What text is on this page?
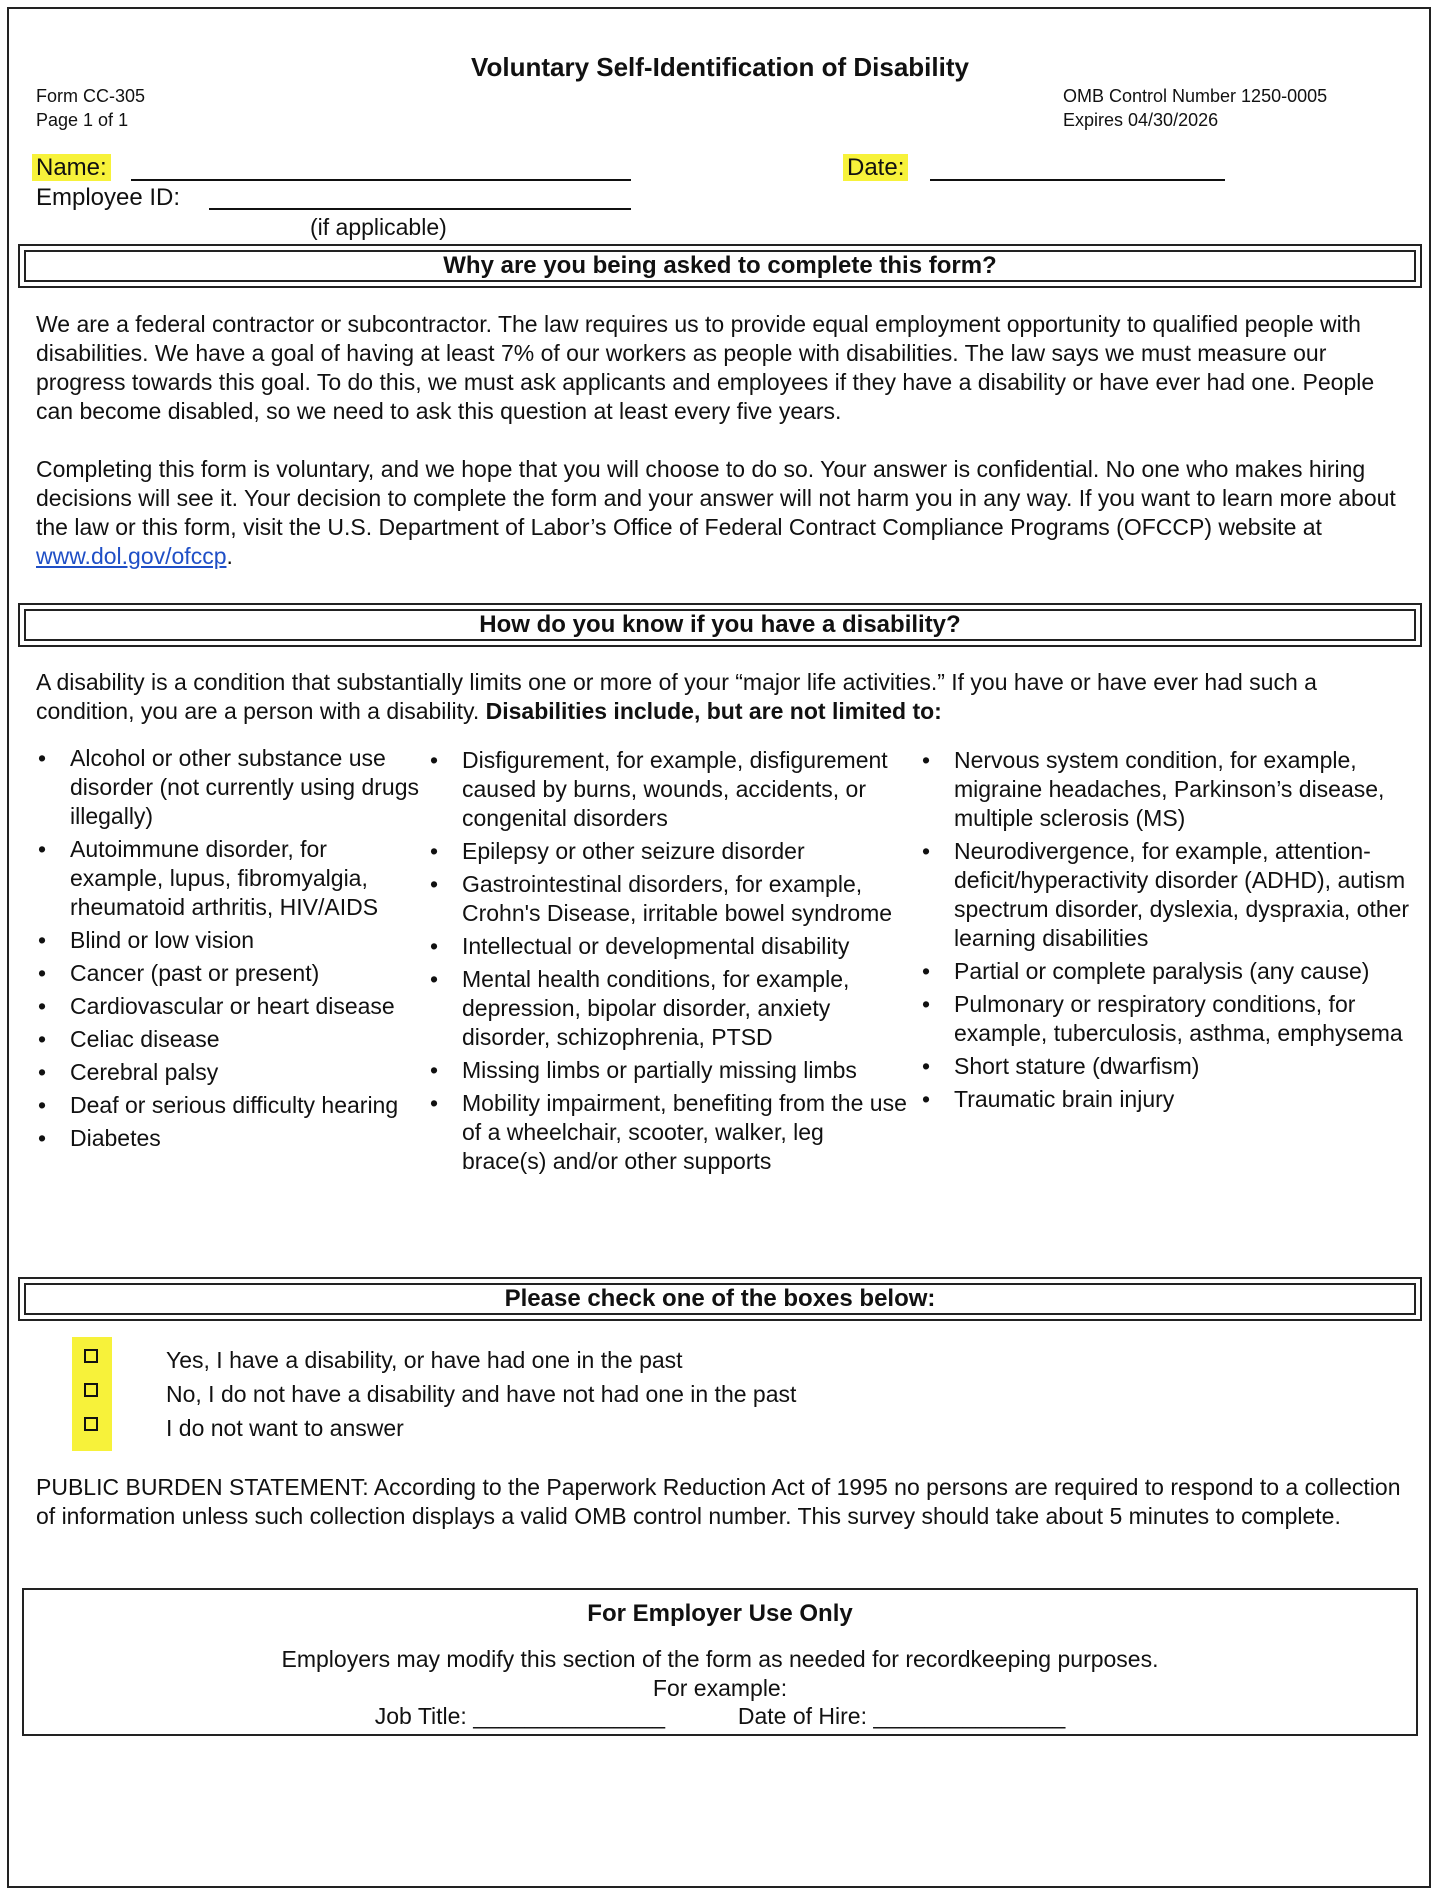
Voluntary Self-Identification of Disability
Form CC-305
Page 1 of 1
OMB Control Number 1250-0005
Expires 04/30/2026
Name:	Date:
Employee ID:
(if applicable)
Why are you being asked to complete this form?
We are a federal contractor or subcontractor. The law requires us to provide equal employment opportunity to qualified people with disabilities. We have a goal of having at least 7% of our workers as people with disabilities. The law says we must measure our progress towards this goal. To do this, we must ask applicants and employees if they have a disability or have ever had one. People can become disabled, so we need to ask this question at least every five years.
Completing this form is voluntary, and we hope that you will choose to do so. Your answer is confidential. No one who makes hiring decisions will see it. Your decision to complete the form and your answer will not harm you in any way. If you want to learn more about the law or this form, visit the U.S. Department of Labor’s Office of Federal Contract Compliance Programs (OFCCP) website at www.dol.gov/ofccp.
How do you know if you have a disability?
A disability is a condition that substantially limits one or more of your “major life activities.” If you have or have ever had such a condition, you are a person with a disability. Disabilities include, but are not limited to:
• Alcohol or other substance use disorder (not currently using drugs illegally)
• Autoimmune disorder, for example, lupus, fibromyalgia, rheumatoid arthritis, HIV/AIDS
• Blind or low vision
• Cancer (past or present)
• Cardiovascular or heart disease
• Celiac disease
• Cerebral palsy
• Deaf or serious difficulty hearing
• Diabetes
• Disfigurement, for example, disfigurement caused by burns, wounds, accidents, or congenital disorders
• Epilepsy or other seizure disorder
• Gastrointestinal disorders, for example, Crohn's Disease, irritable bowel syndrome
• Intellectual or developmental disability
• Mental health conditions, for example, depression, bipolar disorder, anxiety disorder, schizophrenia, PTSD
• Missing limbs or partially missing limbs
• Mobility impairment, benefiting from the use of a wheelchair, scooter, walker, leg brace(s) and/or other supports
• Nervous system condition, for example, migraine headaches, Parkinson’s disease, multiple sclerosis (MS)
• Neurodivergence, for example, attention-deficit/hyperactivity disorder (ADHD), autism spectrum disorder, dyslexia, dyspraxia, other learning disabilities
• Partial or complete paralysis (any cause)
• Pulmonary or respiratory conditions, for example, tuberculosis, asthma, emphysema
• Short stature (dwarfism)
• Traumatic brain injury
Please check one of the boxes below:
Yes, I have a disability, or have had one in the past
No, I do not have a disability and have not had one in the past
I do not want to answer
PUBLIC BURDEN STATEMENT: According to the Paperwork Reduction Act of 1995 no persons are required to respond to a collection of information unless such collection displays a valid OMB control number. This survey should take about 5 minutes to complete.
For Employer Use Only
Employers may modify this section of the form as needed for recordkeeping purposes.
For example:
Job Title: _______________	Date of Hire: _______________
